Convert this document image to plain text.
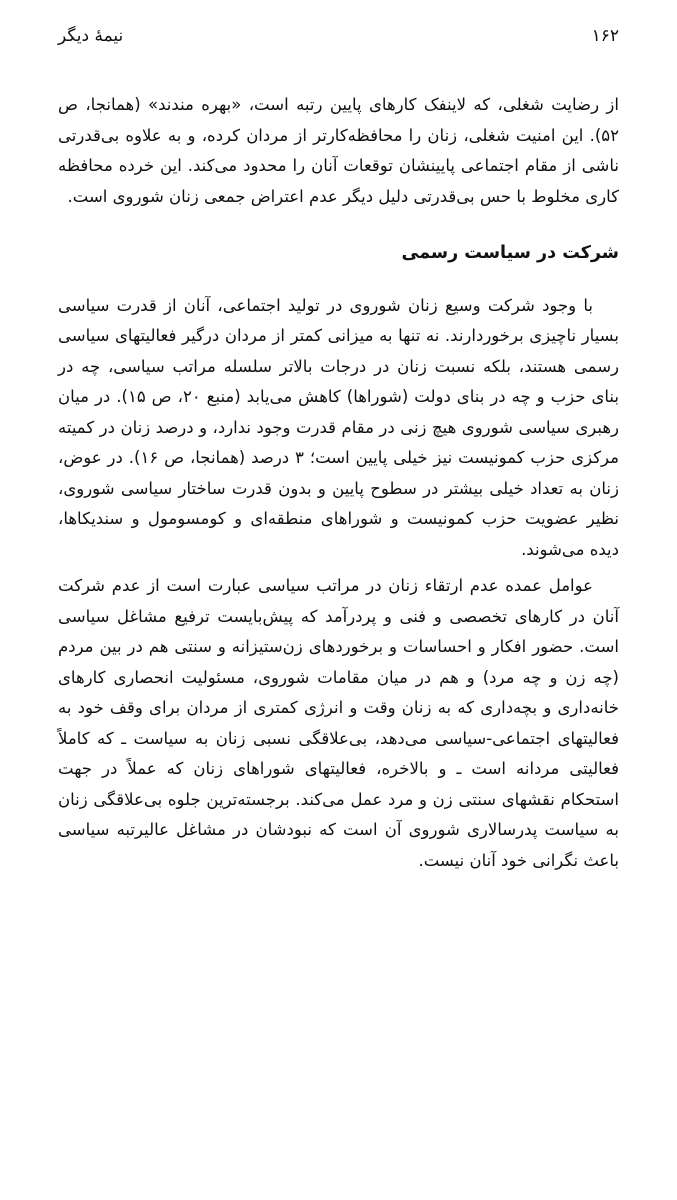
نیمهٔ دیگر	۱۶۲

از رضایت شغلی، که لاینفک کارهای پایین رتبه است، «بهره مندند» (همانجا، ص ۵۲). این امنیت شغلی، زنان را محافظه‌کارتر از مردان کرده، و به علاوه بی‌قدرتی ناشی از مقام اجتماعی پایینشان توقعات آنان را محدود می‌کند. این خرده محافظه کاری مخلوط با حس بی‌قدرتی دلیل دیگر عدم اعتراض جمعی زنان شوروی است.

شرکت در سیاست رسمی

با وجود شرکت وسیع زنان شوروی در تولید اجتماعی، آنان از قدرت سیاسی بسیار ناچیزی برخوردارند. نه تنها به میزانی کمتر از مردان درگیر فعالیتهای سیاسی رسمی هستند، بلکه نسبت زنان در درجات بالاتر سلسله مراتب سیاسی، چه در بنای حزب و چه در بنای دولت (شوراها) کاهش می‌یابد (منبع ۲۰، ص ۱۵). در میان رهبری سیاسی شوروی هیچ زنی در مقام قدرت وجود ندارد، و درصد زنان در کمیته مرکزی حزب کمونیست نیز خیلی پایین است؛ ۳ درصد (همانجا، ص ۱۶). در عوض، زنان به تعداد خیلی بیشتر در سطوح پایین و بدون قدرت ساختار سیاسی شوروی، نظیر عضویت حزب کمونیست و شوراهای منطقه‌ای و کومسومول و سندیکاها، دیده می‌شوند.

عوامل عمده عدم ارتقاء زنان در مراتب سیاسی عبارت است از عدم شرکت آنان در کارهای تخصصی و فنی و پردرآمد که پیش‌بایست ترفیع مشاغل سیاسی است. حضور افکار و احساسات و برخوردهای زن‌ستیزانه و سنتی هم در بین مردم (چه زن و چه مرد) و هم در میان مقامات شوروی، مسئولیت انحصاری کارهای خانه‌داری و بچه‌داری که به زنان وقت و انرژی کمتری از مردان برای وقف خود به فعالیتهای اجتماعی-سیاسی می‌دهد، بی‌علاقگی نسبی زنان به سیاست ـ که کاملاً فعالیتی مردانه است ـ و بالاخره، فعالیتهای شوراهای زنان که عملاً در جهت استحکام نقشهای سنتی زن و مرد عمل می‌کند. برجسته‌ترین جلوه بی‌علاقگی زنان به سیاست پدرسالاری شوروی آن است که نبودشان در مشاغل عالیرتبه سیاسی باعث نگرانی خود آنان نیست.
